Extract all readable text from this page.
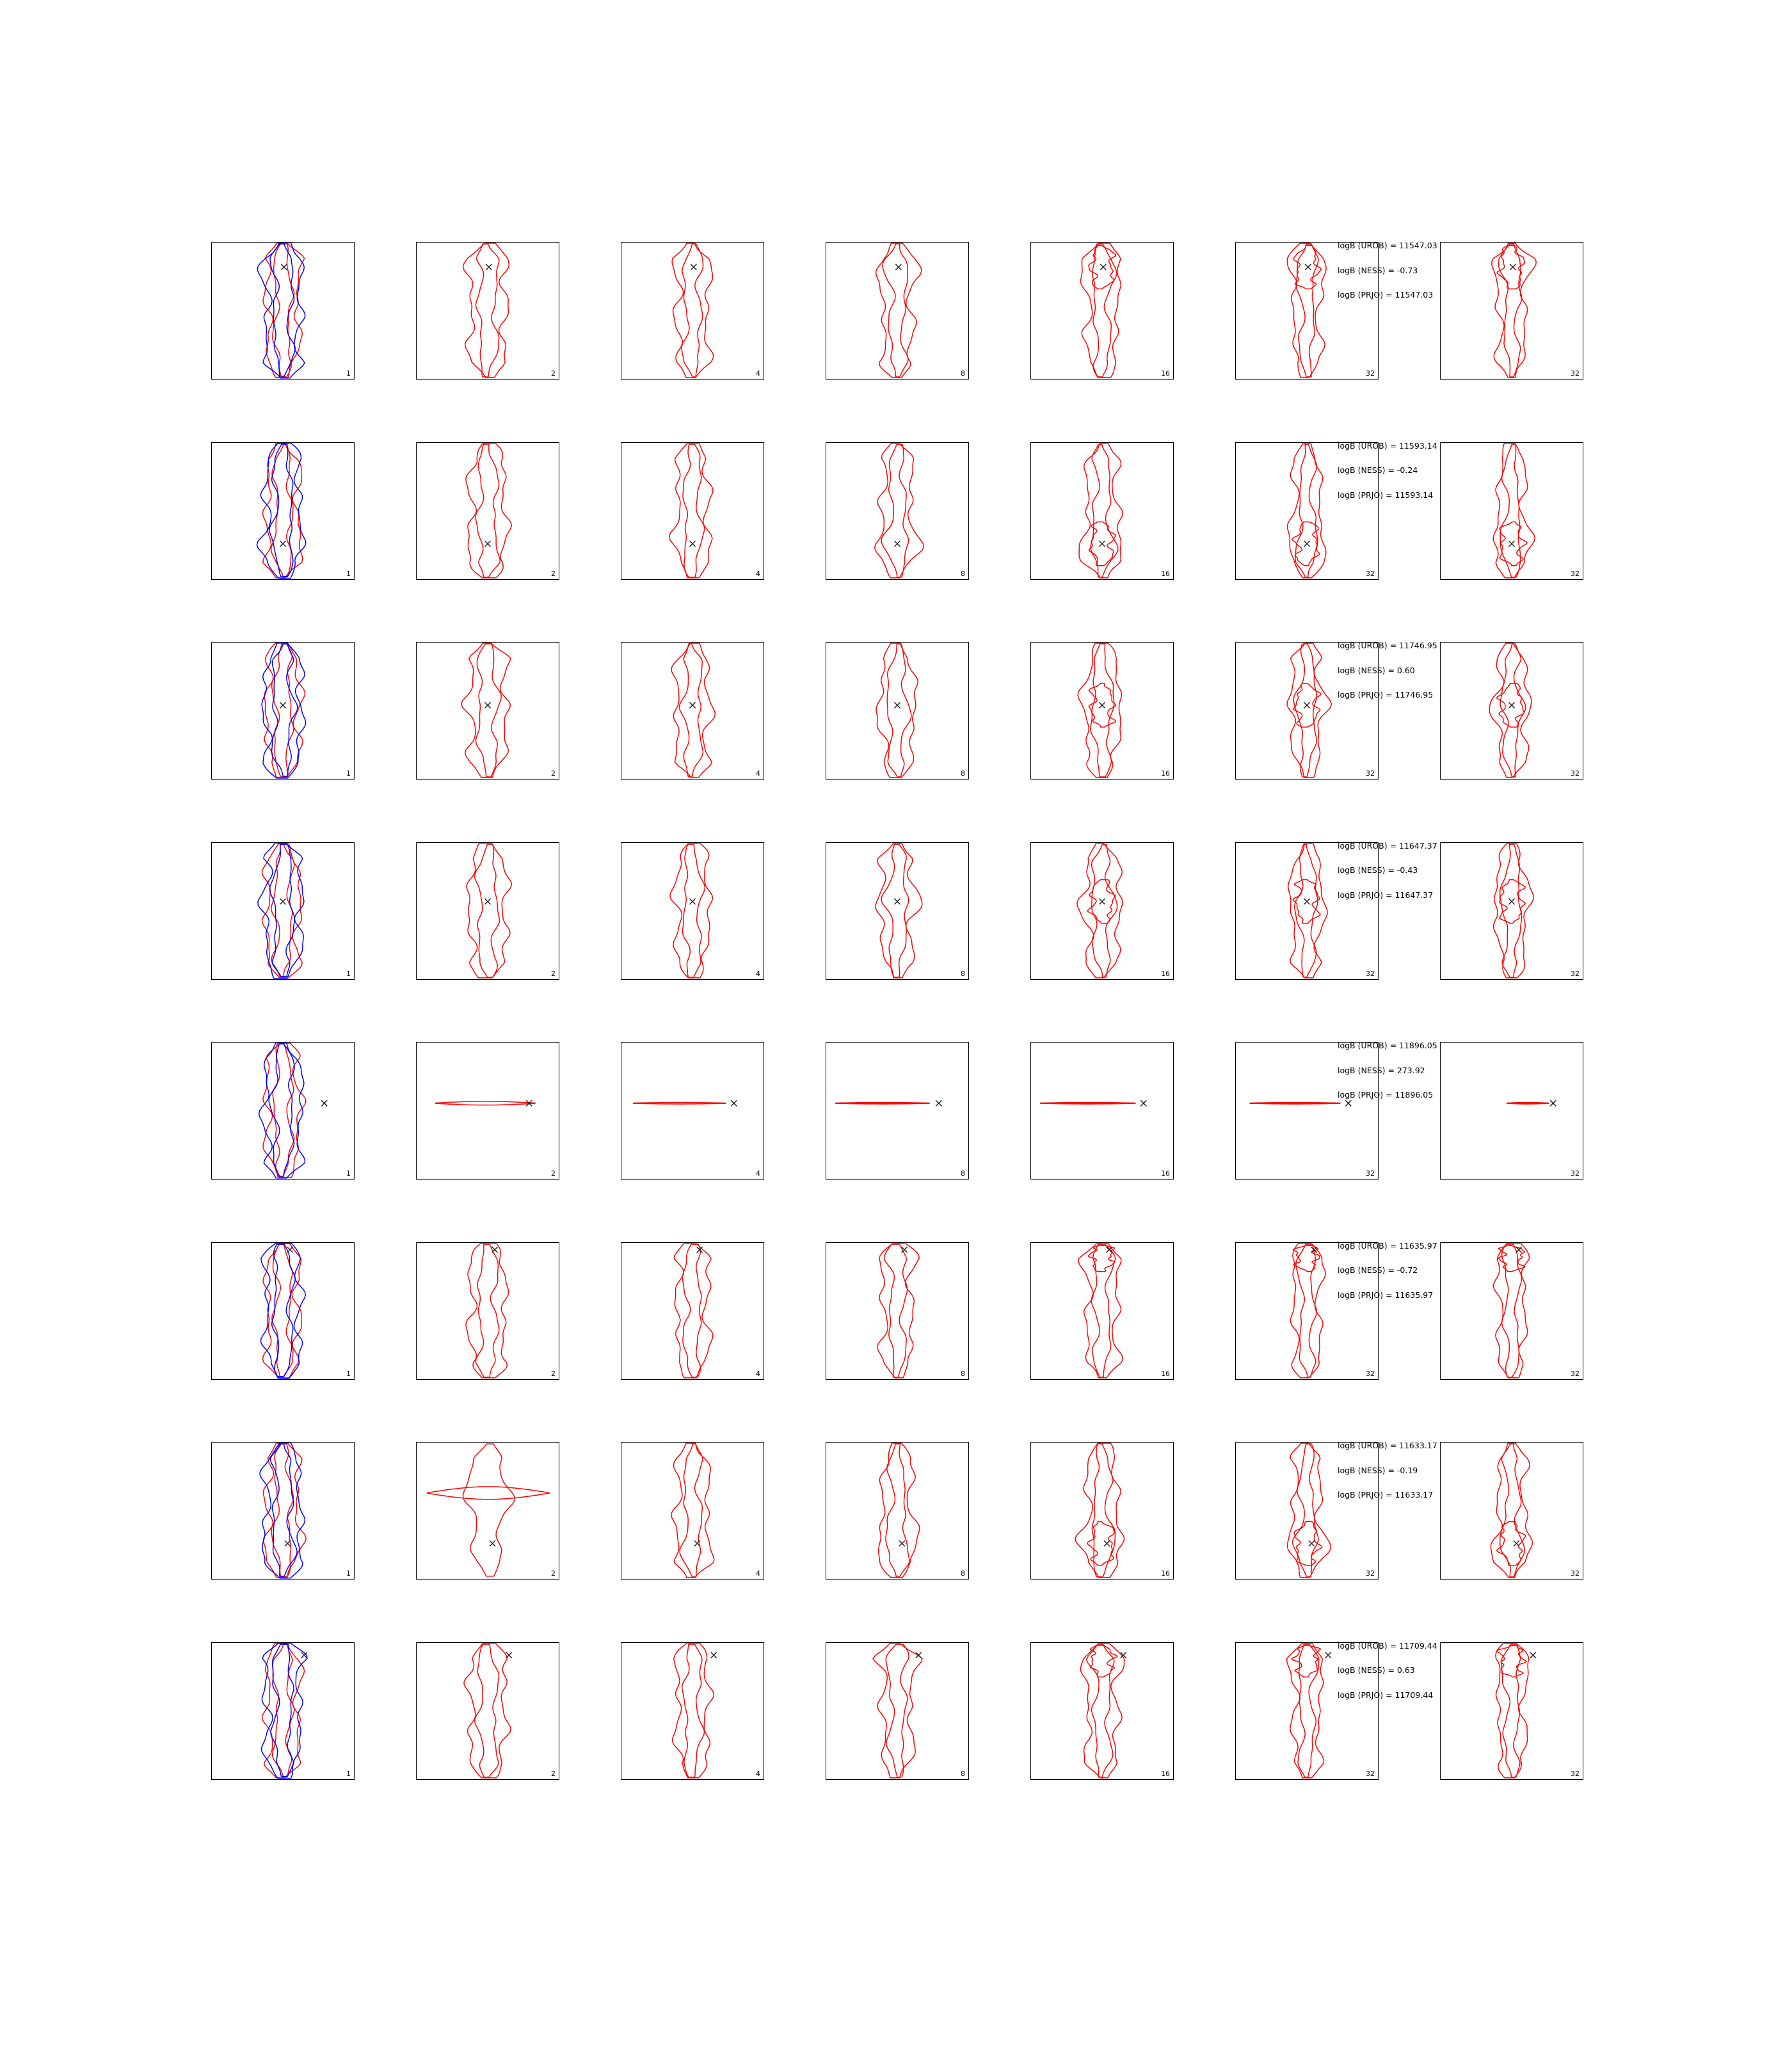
1	2	4	8	16	32	32
1	2	4	8	16	32	32
1	2	4	8	16	32	32
1	2	4	8	16	32	32
1	2	4	8	16	32	32
1	2	4	8	16	32	32
1	2	4	8	16	32	32
1	2	4	8	16	32	32
logB (UROB) = 11547.03
logB (NESS) = -0.73
logB (PRJO) = 11547.03
logB (UROB) = 11593.14
logB (NESS) = -0.24
logB (PRJO) = 11593.14
logB (UROB) = 11746.95
logB (NESS) = 0.60
logB (PRJO) = 11746.95
logB (UROB) = 11647.37
logB (NESS) = -0.43
logB (PRJO) = 11647.37
logB (UROB) = 11896.05
logB (NESS) = 273.92
logB (PRJO) = 11896.05
logB (UROB) = 11635.97
logB (NESS) = -0.72
logB (PRJO) = 11635.97
logB (UROB) = 11633.17
logB (NESS) = -0.19
logB (PRJO) = 11633.17
logB (UROB) = 11709.44
logB (NESS) = 0.63
logB (PRJO) = 11709.44
